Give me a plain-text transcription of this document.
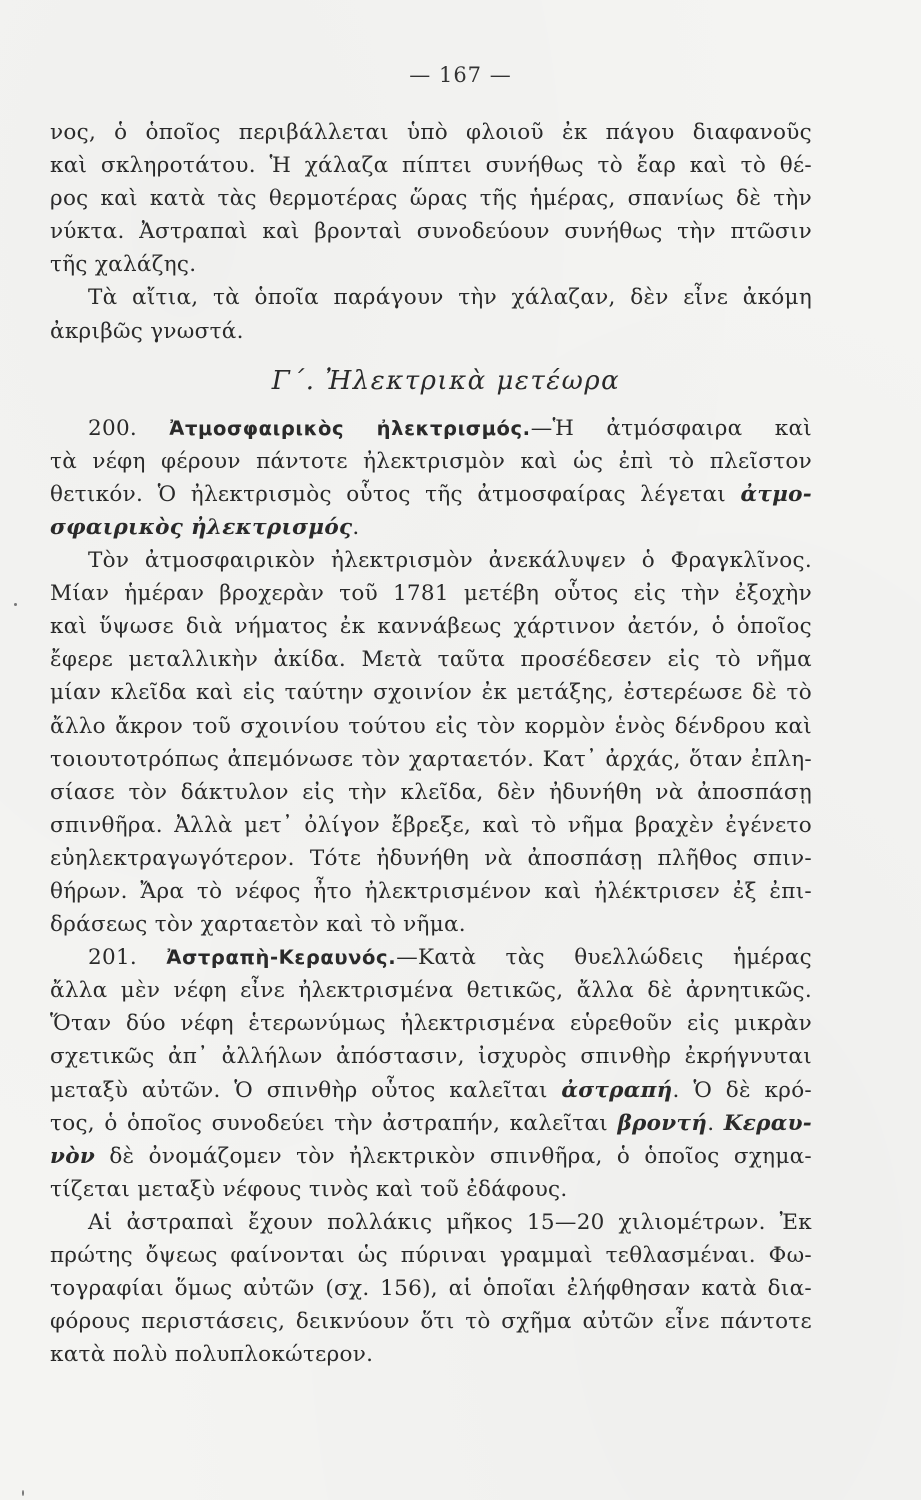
— 167 —
νος, ὁ ὁποῖος περιβάλλεται ὑπὸ φλοιοῦ ἐκ πάγου διαφανοῦς
καὶ σκληροτάτου. Ἡ χάλαζα πίπτει συνήθως τὸ ἔαρ καὶ τὸ θέ-
ρος καὶ κατὰ τὰς θερμοτέρας ὥρας τῆς ἡμέρας, σπανίως δὲ τὴν
νύκτα. Ἀστραπαὶ καὶ βρονταὶ συνοδεύουν συνήθως τὴν πτῶσιν
τῆς χαλάζης.
Τὰ αἴτια, τὰ ὁποῖα παράγουν τὴν χάλαζαν, δὲν εἶνε ἀκόμη
ἀκριβῶς γνωστά.
Γ΄. Ἠλεκτρικὰ μετέωρα
200. Ἀτμοσφαιρικὸς ἠλεκτρισμός.—Ἡ ἀτμόσφαιρα καὶ
τὰ νέφη φέρουν πάντοτε ἠλεκτρισμὸν καὶ ὡς ἐπὶ τὸ πλεῖστον
θετικόν. Ὁ ἠλεκτρισμὸς οὗτος τῆς ἀτμοσφαίρας λέγεται ἀτμο-
σφαιρικὸς ἠλεκτρισμός.
Τὸν ἀτμοσφαιρικὸν ἠλεκτρισμὸν ἀνεκάλυψεν ὁ Φραγκλῖνος.
Μίαν ἡμέραν βροχερὰν τοῦ 1781 μετέβη οὗτος εἰς τὴν ἐξοχὴν
καὶ ὕψωσε διὰ νήματος ἐκ καννάβεως χάρτινον ἀετόν, ὁ ὁποῖος
ἔφερε μεταλλικὴν ἀκίδα. Μετὰ ταῦτα προσέδεσεν εἰς τὸ νῆμα
μίαν κλεῖδα καὶ εἰς ταύτην σχοινίον ἐκ μετάξης, ἐστερέωσε δὲ τὸ
ἄλλο ἄκρον τοῦ σχοινίου τούτου εἰς τὸν κορμὸν ἑνὸς δένδρου καὶ
τοιουτοτρόπως ἀπεμόνωσε τὸν χαρταετόν. Κατ᾿ ἀρχάς, ὅταν ἐπλη-
σίασε τὸν δάκτυλον εἰς τὴν κλεῖδα, δὲν ἠδυνήθη νὰ ἀποσπάσῃ
σπινθῆρα. Ἀλλὰ μετ᾿ ὀλίγον ἔβρεξε, καὶ τὸ νῆμα βραχὲν ἐγένετο
εὐηλεκτραγωγότερον. Τότε ἠδυνήθη νὰ ἀποσπάσῃ πλῆθος σπιν-
θήρων. Ἄρα τὸ νέφος ἦτο ἠλεκτρισμένον καὶ ἠλέκτρισεν ἐξ ἐπι-
δράσεως τὸν χαρταετὸν καὶ τὸ νῆμα.
201. Ἀστραπὴ-Κεραυνός.—Κατὰ τὰς θυελλώδεις ἡμέρας
ἄλλα μὲν νέφη εἶνε ἠλεκτρισμένα θετικῶς, ἄλλα δὲ ἀρνητικῶς.
Ὅταν δύο νέφη ἑτερωνύμως ἠλεκτρισμένα εὑρεθοῦν εἰς μικρὰν
σχετικῶς ἀπ᾿ ἀλλήλων ἀπόστασιν, ἰσχυρὸς σπινθὴρ ἐκρήγνυται
μεταξὺ αὐτῶν. Ὁ σπινθὴρ οὗτος καλεῖται ἀστραπή. Ὁ δὲ κρό-
τος, ὁ ὁποῖος συνοδεύει τὴν ἀστραπήν, καλεῖται βροντή. Κεραυ-
νὸν δὲ ὀνομάζομεν τὸν ἠλεκτρικὸν σπινθῆρα, ὁ ὁποῖος σχημα-
τίζεται μεταξὺ νέφους τινὸς καὶ τοῦ ἐδάφους.
Αἱ ἀστραπαὶ ἔχουν πολλάκις μῆκος 15—20 χιλιομέτρων. Ἐκ
πρώτης ὄψεως φαίνονται ὡς πύριναι γραμμαὶ τεθλασμέναι. Φω-
τογραφίαι ὅμως αὐτῶν (σχ. 156), αἱ ὁποῖαι ἐλήφθησαν κατὰ δια-
φόρους περιστάσεις, δεικνύουν ὅτι τὸ σχῆμα αὐτῶν εἶνε πάντοτε
κατὰ πολὺ πολυπλοκώτερον.
